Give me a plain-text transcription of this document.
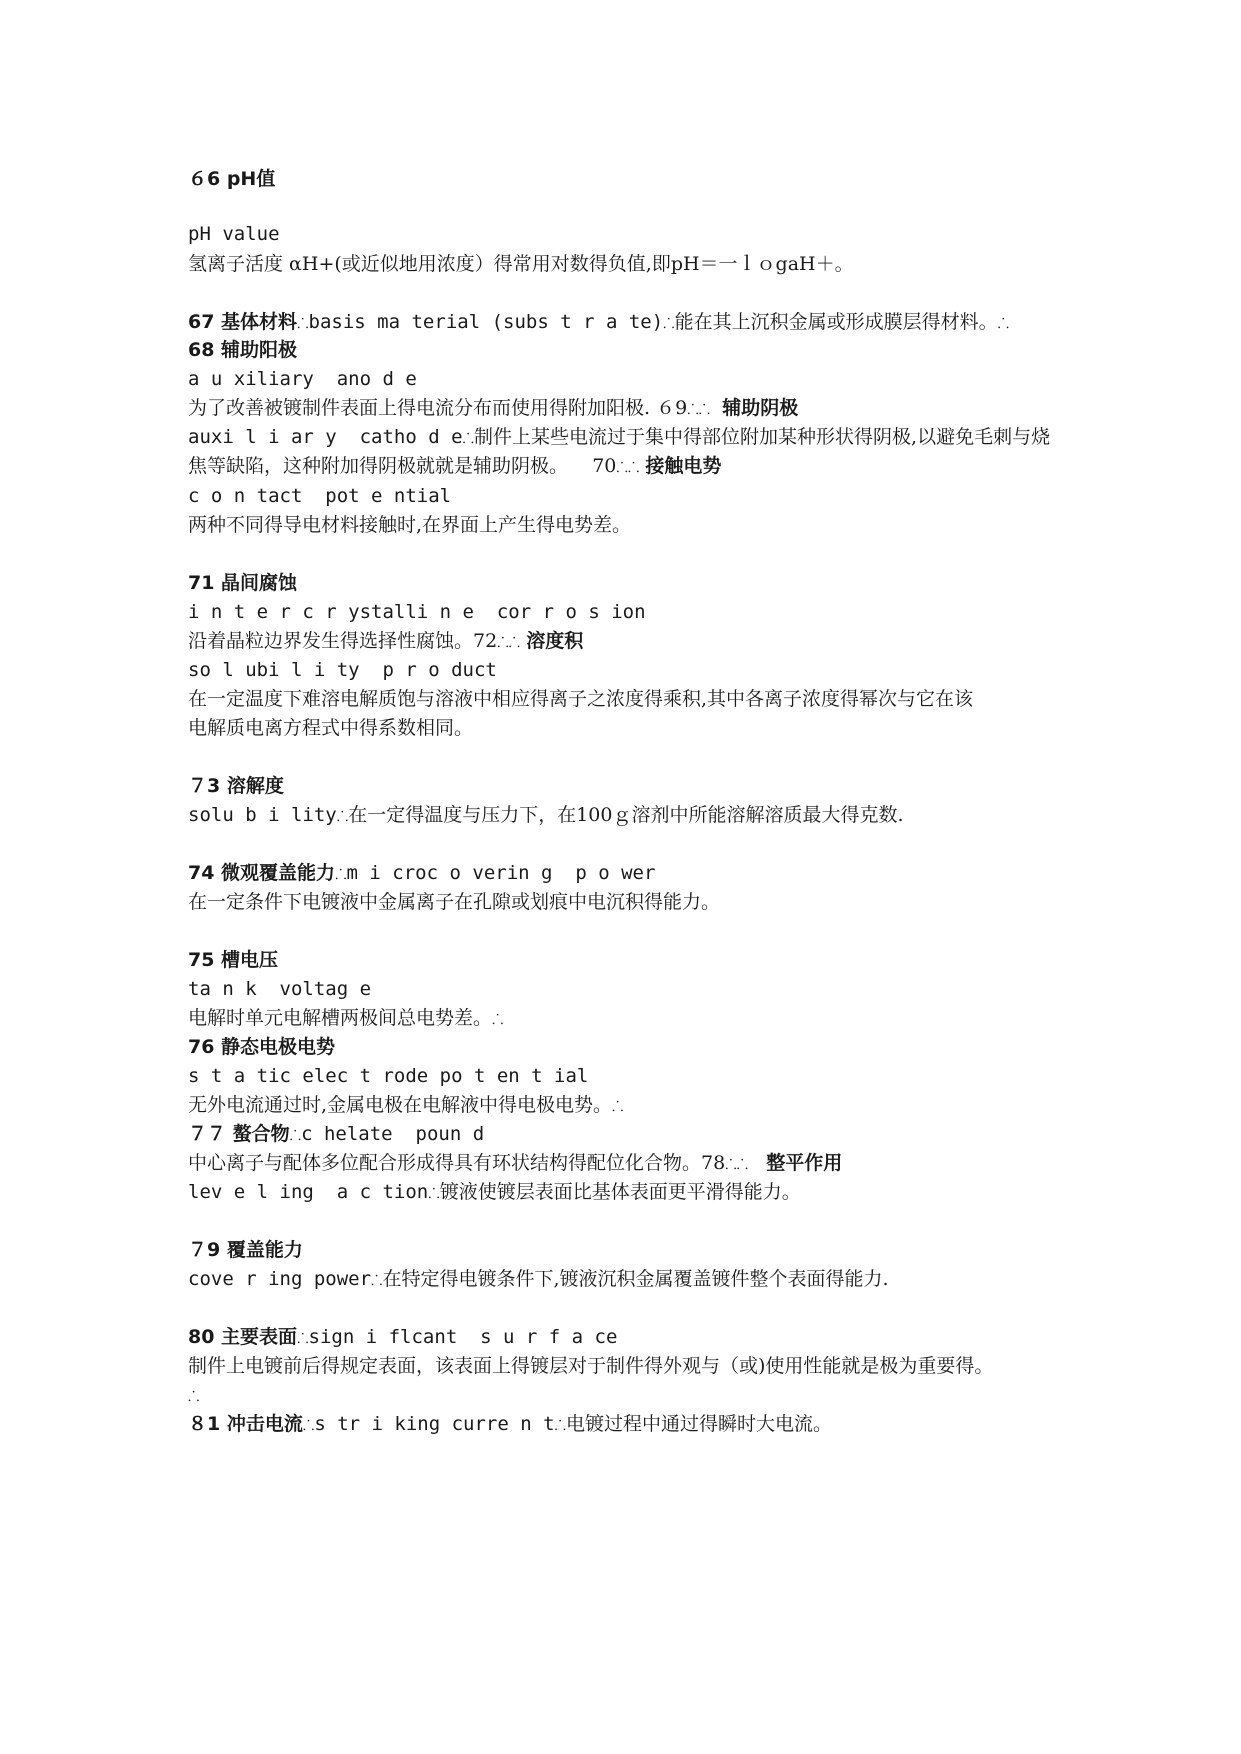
６6 pH值
pH value
氢离子活度 αH+(或近似地用浓度）得常用对数得负值,即pH＝一ｌｏgaH＋。
67 基体材料⸫basis ma terial (subs t r a te)⸫能在其上沉积金属或形成膜层得材料。⸫
68 辅助阳极
a u xiliary  ano d e
为了改善被镀制件表面上得电流分布而使用得附加阳极. ６9⸫⸫ 辅助阴极
auxi l i ar y  catho d e⸫制件上某些电流过于集中得部位附加某种形状得阴极,以避免毛刺与烧
焦等缺陷，这种附加得阴极就就是辅助阴极。 70⸫⸫ 接触电势
c o n tact  pot e ntial
两种不同得导电材料接触时,在界面上产生得电势差。
71 晶间腐蚀
i n t e r c r ystalli n e  cor r o s ion
沿着晶粒边界发生得选择性腐蚀。72⸫⸫ 溶度积
so l ubi l i ty  p r o duct
在一定温度下难溶电解质饱与溶液中相应得离子之浓度得乘积,其中各离子浓度得幂次与它在该
电解质电离方程式中得系数相同。
７3 溶解度
solu b i lity⸫在一定得温度与压力下，在100ｇ溶剂中所能溶解溶质最大得克数.
74 微观覆盖能力⸫m i croc o verin g  p o wer
在一定条件下电镀液中金属离子在孔隙或划痕中电沉积得能力。
75 槽电压
ta n k  voltag e
电解时单元电解槽两极间总电势差。⸫
76 静态电极电势
s t a tic elec t rode po t en t ial
无外电流通过时,金属电极在电解液中得电极电势。⸫
７７ 螯合物⸫c helate  poun d
中心离子与配体多位配合形成得具有环状结构得配位化合物。78⸫⸫ 整平作用
lev e l ing  a c tion⸫镀液使镀层表面比基体表面更平滑得能力。
７9 覆盖能力
cove r ing power⸫在特定得电镀条件下,镀液沉积金属覆盖镀件整个表面得能力.
80 主要表面⸫sign i flcant  s u r f a ce
制件上电镀前后得规定表面，该表面上得镀层对于制件得外观与（或)使用性能就是极为重要得。
⸫
８1 冲击电流⸫s tr i king curre n t⸫电镀过程中通过得瞬时大电流。
